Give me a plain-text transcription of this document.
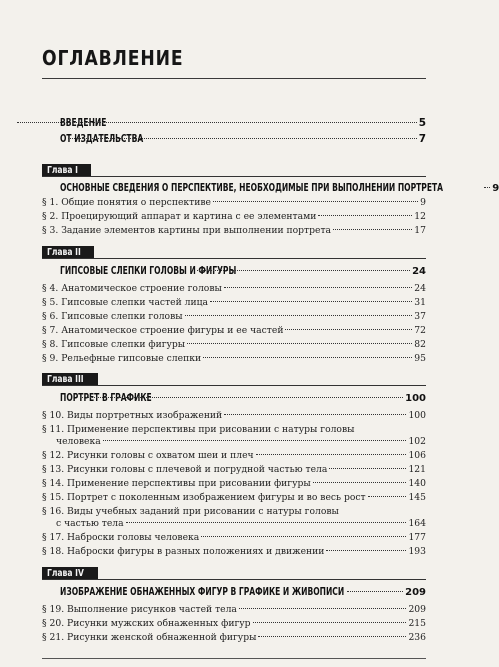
ОГЛАВЛЕНИЕ
ВВЕДЕНИЕ	5
ОТ ИЗДАТЕЛЬСТВА	7
Глава I
ОСНОВНЫЕ СВЕДЕНИЯ О ПЕРСПЕКТИВЕ, НЕОБХОДИМЫЕ ПРИ ВЫПОЛНЕНИИ ПОРТРЕТА	9
§ 1. Общие понятия о перспективе	9
§ 2. Проецирующий аппарат и картина с ее элементами	12
§ 3. Задание элементов картины при выполнении портрета	17
Глава II
ГИПСОВЫЕ СЛЕПКИ ГОЛОВЫ И ФИГУРЫ	24
§ 4. Анатомическое строение головы	24
§ 5. Гипсовые слепки частей лица	31
§ 6. Гипсовые слепки головы	37
§ 7. Анатомическое строение фигуры и ее частей	72
§ 8. Гипсовые слепки фигуры	82
§ 9. Рельефные гипсовые слепки	95
Глава III
ПОРТРЕТ В ГРАФИКЕ	100
§ 10. Виды портретных изображений	100
§ 11. Применение перспективы при рисовании с натуры головы
человека	102
§ 12. Рисунки головы с охватом шеи и плеч	106
§ 13. Рисунки головы с плечевой и погрудной частью тела	121
§ 14. Применение перспективы при рисовании фигуры	140
§ 15. Портрет с поколенным изображением фигуры и во весь рост	145
§ 16. Виды учебных заданий при рисовании с натуры головы
с частью тела	164
§ 17. Наброски головы человека	177
§ 18. Наброски фигуры в разных положениях и движении	193
Глава IV
ИЗОБРАЖЕНИЕ ОБНАЖЕННЫХ ФИГУР В ГРАФИКЕ И ЖИВОПИСИ	209
§ 19. Выполнение рисунков частей тела	209
§ 20. Рисунки мужских обнаженных фигур	215
§ 21. Рисунки женской обнаженной фигуры	236
